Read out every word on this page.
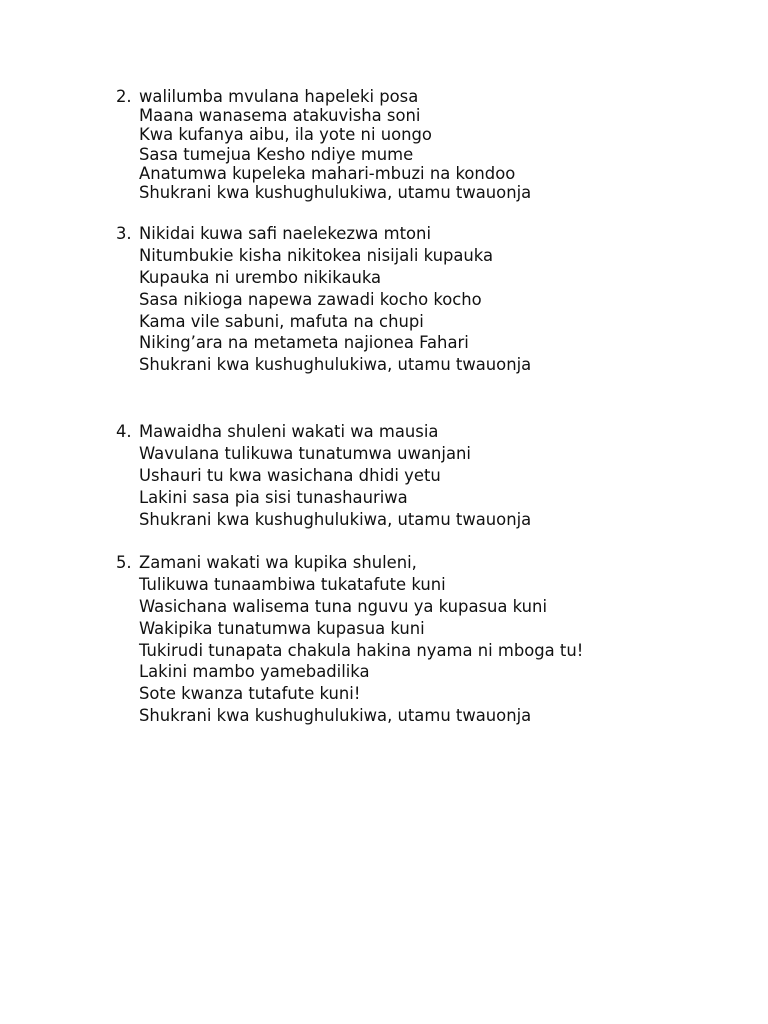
2. walilumba mvulana hapeleki posa
Maana wanasema atakuvisha soni
Kwa kufanya aibu, ila yote ni uongo
Sasa tumejua Kesho ndiye mume
Anatumwa kupeleka mahari-mbuzi na kondoo
Shukrani kwa kushughulukiwa, utamu twauonja
3. Nikidai kuwa safi naelekezwa mtoni
Nitumbukie kisha nikitokea nisijali kupauka
Kupauka ni urembo nikikauka
Sasa nikioga napewa zawadi kocho kocho
Kama vile sabuni, mafuta na chupi
Niking’ara na metameta najionea Fahari
Shukrani kwa kushughulukiwa, utamu twauonja
4. Mawaidha shuleni wakati wa mausia
Wavulana tulikuwa tunatumwa uwanjani
Ushauri tu kwa wasichana dhidi yetu
Lakini sasa pia sisi tunashauriwa
Shukrani kwa kushughulukiwa, utamu twauonja
5. Zamani wakati wa kupika shuleni,
Tulikuwa tunaambiwa tukatafute kuni
Wasichana walisema tuna nguvu ya kupasua kuni
Wakipika tunatumwa kupasua kuni
Tukirudi tunapata chakula hakina nyama ni mboga tu!
Lakini mambo yamebadilika
Sote kwanza tutafute kuni!
Shukrani kwa kushughulukiwa, utamu twauonja
